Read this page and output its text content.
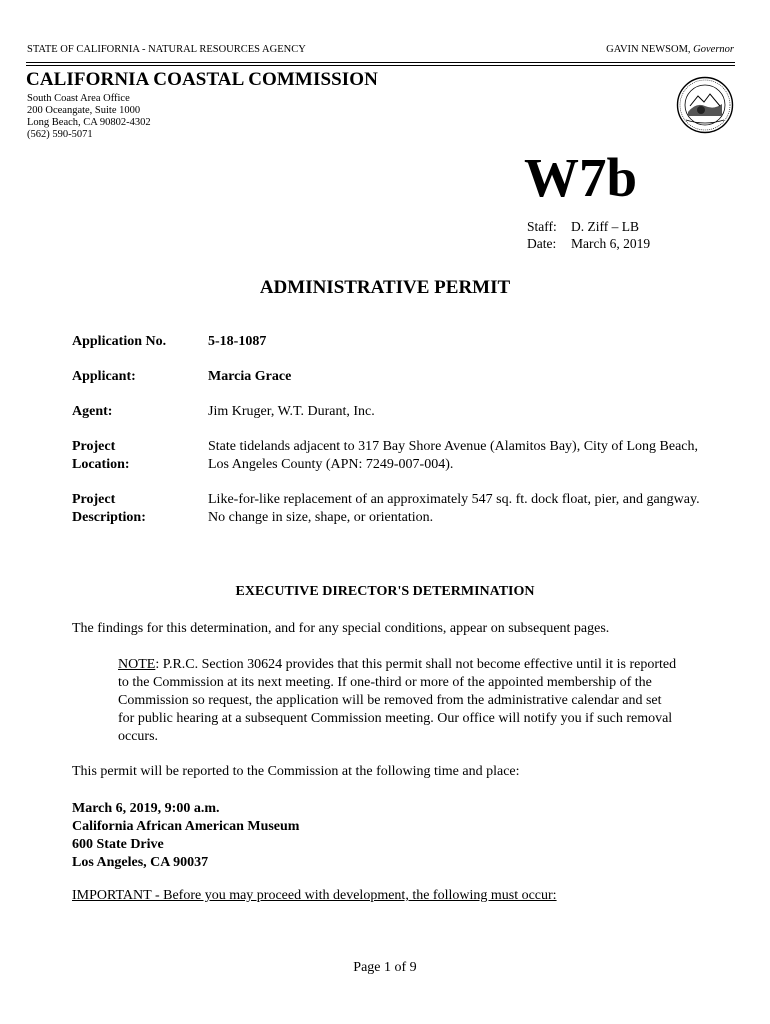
STATE OF CALIFORNIA - NATURAL RESOURCES AGENCY	GAVIN NEWSOM, Governor
CALIFORNIA COASTAL COMMISSION
South Coast Area Office
200 Oceangate, Suite 1000
Long Beach, CA 90802-4302
(562) 590-5071
W7b
Staff:	D. Ziff – LB
Date:	March 6, 2019
ADMINISTRATIVE PERMIT
Application No.	5-18-1087
Applicant:	Marcia Grace
Agent:	Jim Kruger, W.T. Durant, Inc.
Project
Location:
State tidelands adjacent to 317 Bay Shore Avenue (Alamitos Bay), City of Long Beach, Los Angeles County (APN: 7249-007-004).
Project
Description:
Like-for-like replacement of an approximately 547 sq. ft. dock float, pier, and gangway. No change in size, shape, or orientation.
EXECUTIVE DIRECTOR'S DETERMINATION
The findings for this determination, and for any special conditions, appear on subsequent pages.
NOTE: P.R.C. Section 30624 provides that this permit shall not become effective until it is reported to the Commission at its next meeting. If one-third or more of the appointed membership of the Commission so request, the application will be removed from the administrative calendar and set for public hearing at a subsequent Commission meeting. Our office will notify you if such removal occurs.
This permit will be reported to the Commission at the following time and place:
March 6, 2019, 9:00 a.m.
California African American Museum
600 State Drive
Los Angeles, CA 90037
IMPORTANT - Before you may proceed with development, the following must occur:
Page 1 of 9
